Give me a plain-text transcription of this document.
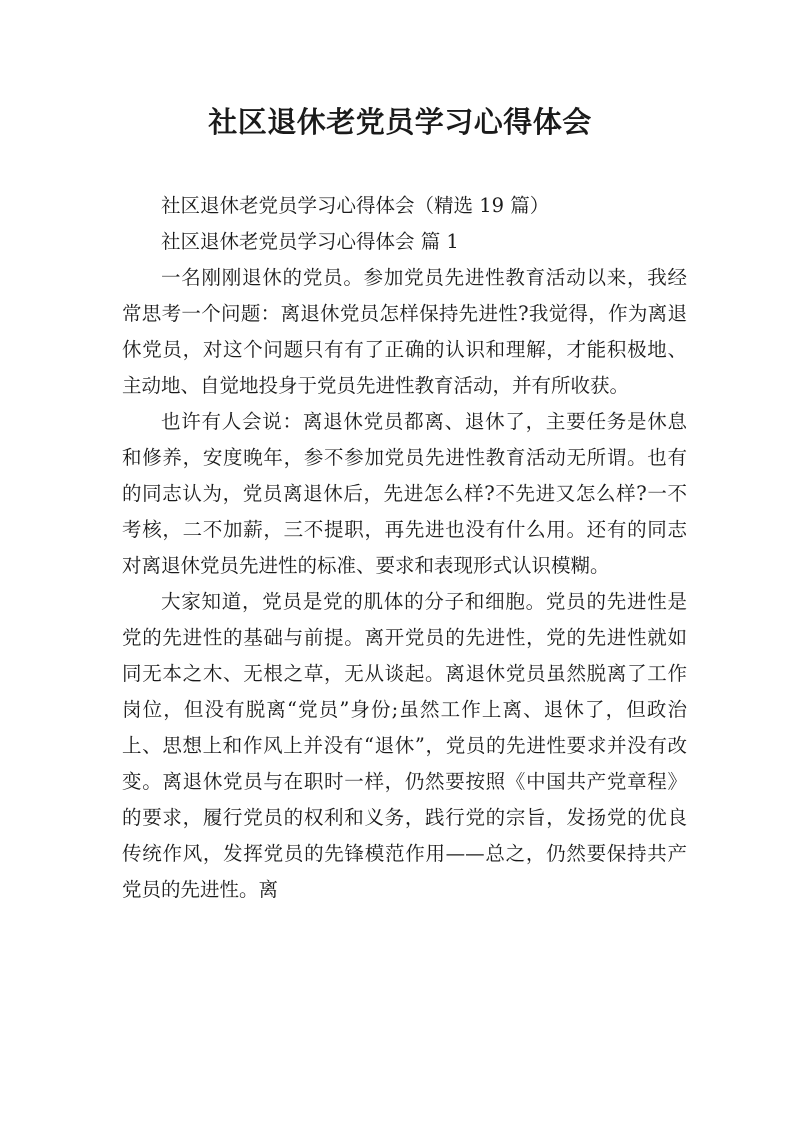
社区退休老党员学习心得体会

社区退休老党员学习心得体会（精选 19 篇）

社区退休老党员学习心得体会 篇 1

一名刚刚退休的党员。参加党员先进性教育活动以来，我经常思考一个问题：离退休党员怎样保持先进性?我觉得，作为离退休党员，对这个问题只有有了正确的认识和理解，才能积极地、主动地、自觉地投身于党员先进性教育活动，并有所收获。

也许有人会说：离退休党员都离、退休了，主要任务是休息和修养，安度晚年，参不参加党员先进性教育活动无所谓。也有的同志认为，党员离退休后，先进怎么样?不先进又怎么样?一不考核，二不加薪，三不提职，再先进也没有什么用。还有的同志对离退休党员先进性的标准、要求和表现形式认识模糊。

大家知道，党员是党的肌体的分子和细胞。党员的先进性是党的先进性的基础与前提。离开党员的先进性，党的先进性就如同无本之木、无根之草，无从谈起。离退休党员虽然脱离了工作岗位，但没有脱离“党员”身份;虽然工作上离、退休了，但政治上、思想上和作风上并没有“退休”，党员的先进性要求并没有改变。离退休党员与在职时一样，仍然要按照《中国共产党章程》的要求，履行党员的权利和义务，践行党的宗旨，发扬党的优良传统作风，发挥党员的先锋模范作用——总之，仍然要保持共产党员的先进性。离
